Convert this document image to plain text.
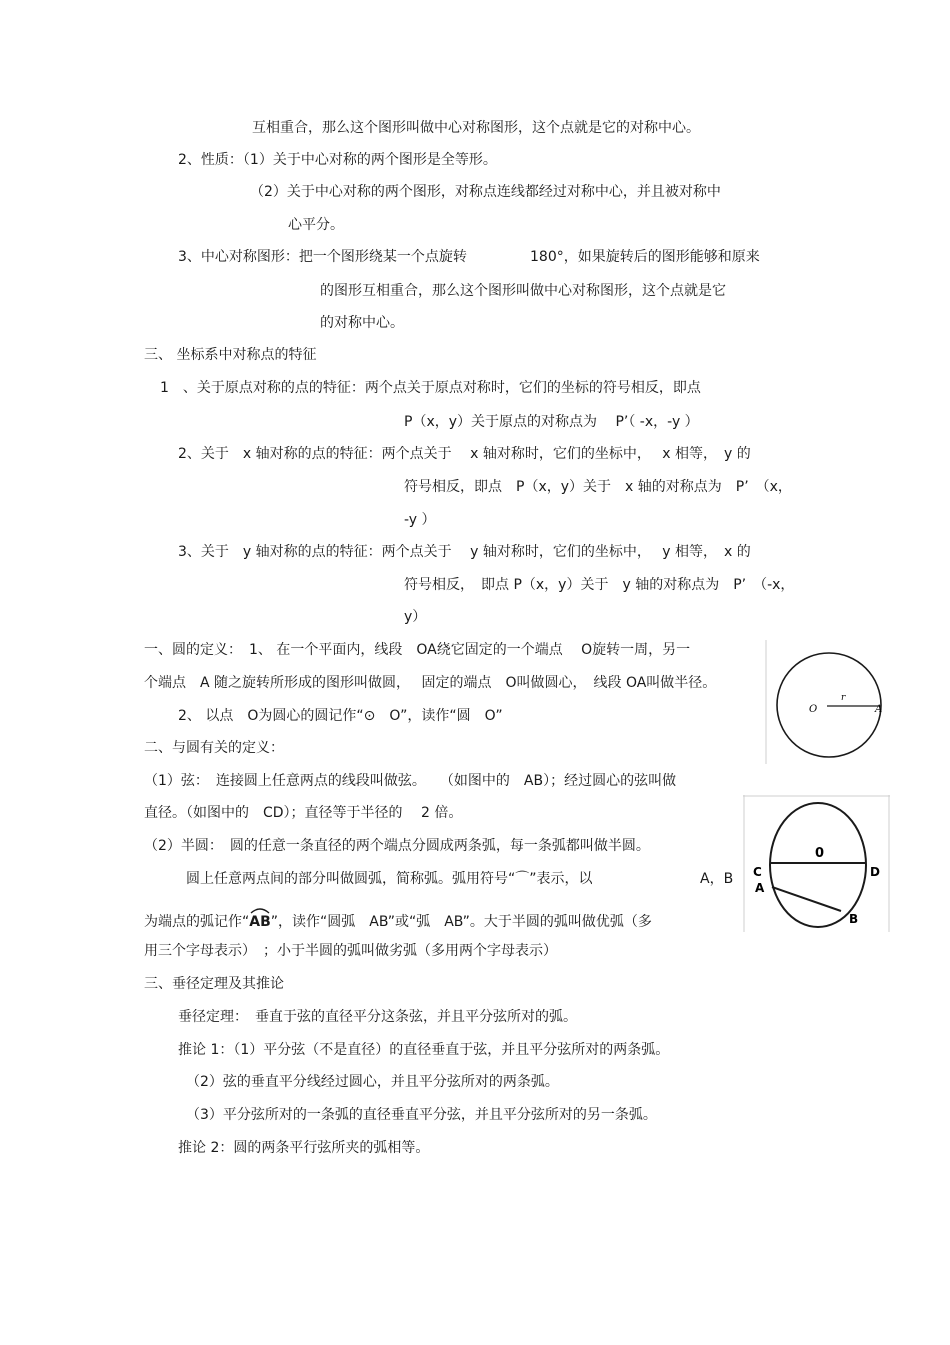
互相重合，那么这个图形叫做中心对称图形，这个点就是它的对称中心。
2、性质：（1）关于中心对称的两个图形是全等形。
（2）关于中心对称的两个图形，对称点连线都经过对称中心，并且被对称中
心平分。
3、中心对称图形：把一个图形绕某一个点旋转	180°，如果旋转后的图形能够和原来
的图形互相重合，那么这个图形叫做中心对称图形，这个点就是它
的对称中心。
三、 坐标系中对称点的特征
1　、关于原点对称的点的特征：两个点关于原点对称时，它们的坐标的符号相反，即点
P（x，y）关于原点的对称点为　 P’（ -x，-y ）
2、关于　x 轴对称的点的特征：两个点关于　 x 轴对称时，它们的坐标中，　 x 相等，　y 的
符号相反，即点　P（x，y）关于　x 轴的对称点为　P’　（x，
-y ）
3、关于　y 轴对称的点的特征：两个点关于　 y 轴对称时，它们的坐标中，　 y 相等，　x 的
符号相反，　即点 P（x，y）关于　y 轴的对称点为　P’　（-x，
y）
一、圆的定义：　1、 在一个平面内，线段　OA绕它固定的一个端点　 O旋转一周，另一
个端点　A 随之旋转所形成的图形叫做圆，　 固定的端点　O叫做圆心，　线段 OA叫做半径。
2、 以点　O为圆心的圆记作“⊙　O”，读作“圆　O”
二、与圆有关的定义：
（1）弦：　连接圆上任意两点的线段叫做弦。　　（如图中的　AB）；经过圆心的弦叫做
直径。（如图中的　CD）；直径等于半径的　 2 倍。
（2）半圆：　圆的任意一条直径的两个端点分圆成两条弧，每一条弧都叫做半圆。
圆上任意两点间的部分叫做圆弧，简称弧。弧用符号“⌒”表示，以	A，B
为端点的弧记作“
AB”，读作“圆弧　AB”或“弧　AB”。大于半圆的弧叫做优弧（多
用三个字母表示）　；小于半圆的弧叫做劣弧（多用两个字母表示）
三、垂径定理及其推论
垂径定理：　垂直于弦的直径平分这条弦，并且平分弦所对的弧。
推论 1：（1）平分弦（不是直径）的直径垂直于弦，并且平分弦所对的两条弧。
（2）弦的垂直平分线经过圆心，并且平分弦所对的两条弧。
（3）平分弦所对的一条弧的直径垂直平分弦，并且平分弦所对的另一条弧。
推论 2：圆的两条平行弦所夹的弧相等。
O
r
A
0
C
A
D
B
